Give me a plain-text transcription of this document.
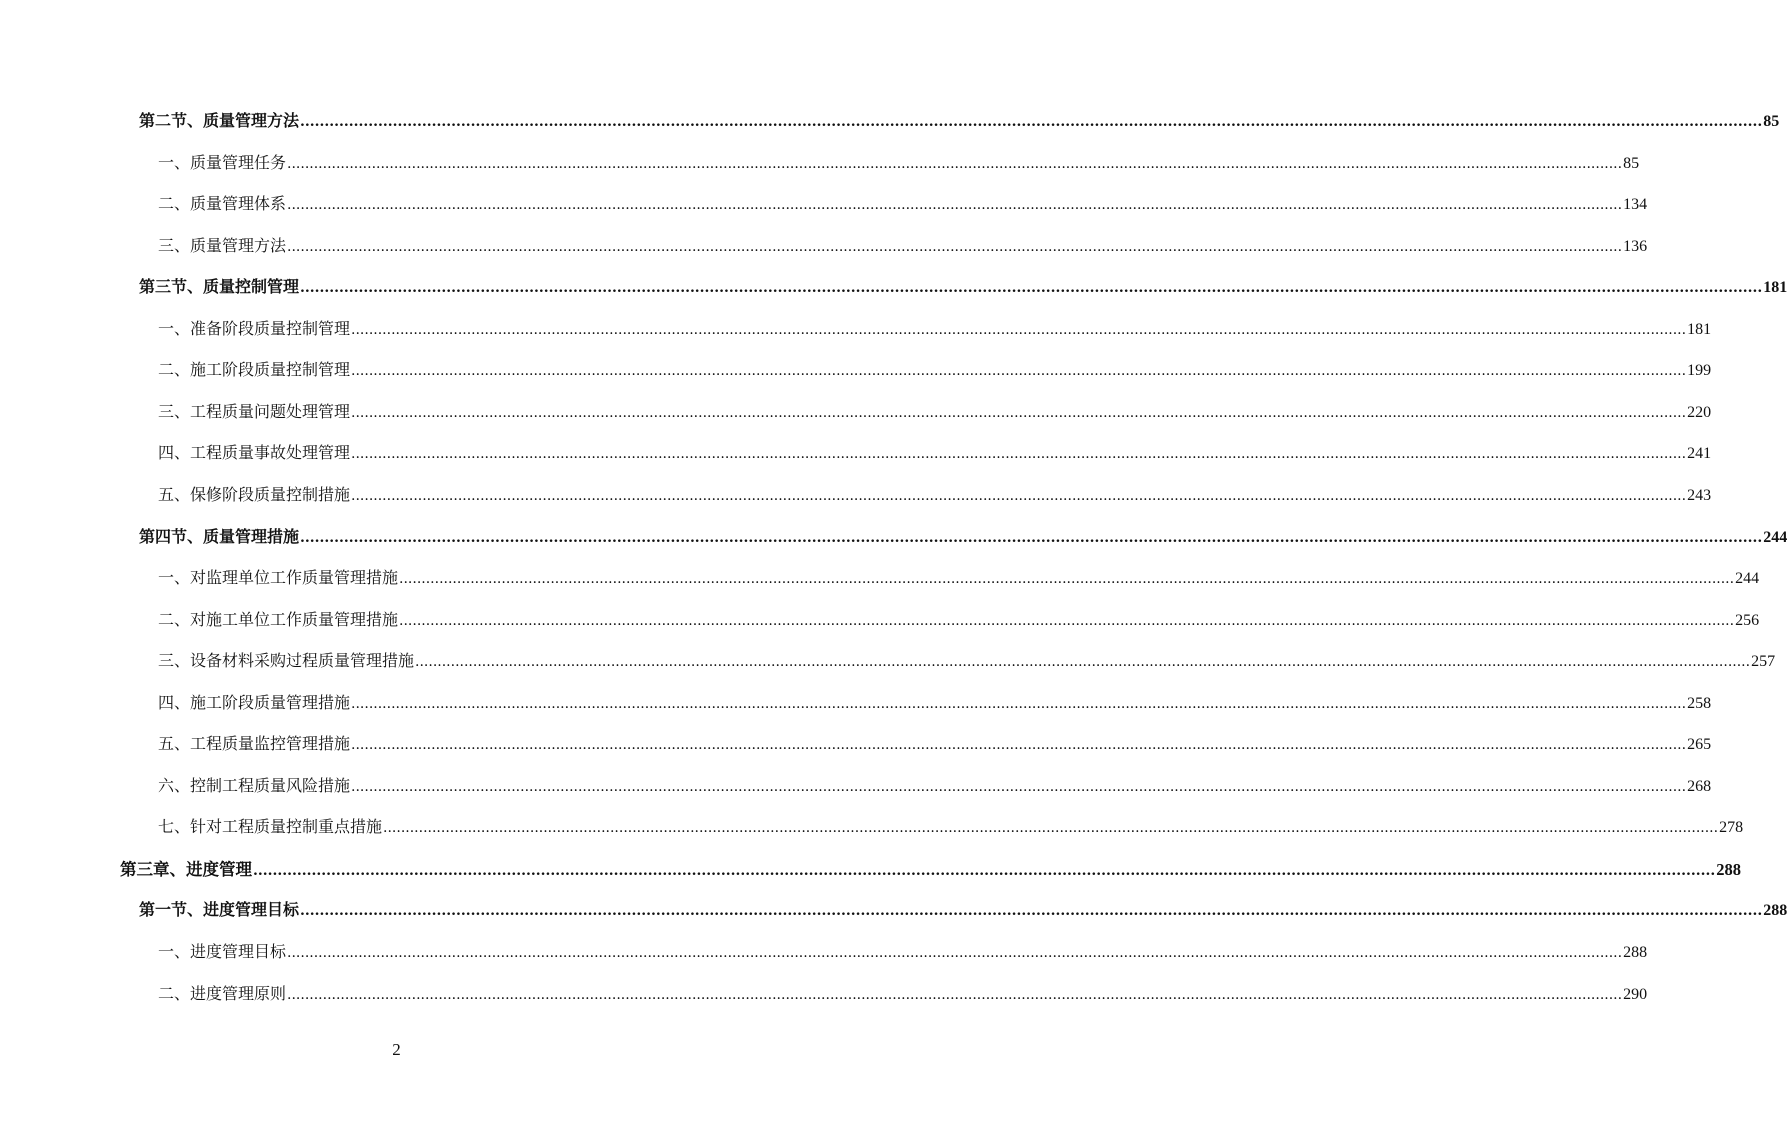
第二节、质量管理方法 ............................................................................................................................................................................................................................................................................................................ 85
一、质量管理任务 ............................................................................................................................................................................................................................................................................................................ 85
二、质量管理体系 ............................................................................................................................................................................................................................................................................................................ 134
三、质量管理方法 ............................................................................................................................................................................................................................................................................................................ 136
第三节、质量控制管理 ............................................................................................................................................................................................................................................................................................................ 181
一、准备阶段质量控制管理 ............................................................................................................................................................................................................................................................................................................ 181
二、施工阶段质量控制管理 ............................................................................................................................................................................................................................................................................................................ 199
三、工程质量问题处理管理 ............................................................................................................................................................................................................................................................................................................ 220
四、工程质量事故处理管理 ............................................................................................................................................................................................................................................................................................................ 241
五、保修阶段质量控制措施 ............................................................................................................................................................................................................................................................................................................ 243
第四节、质量管理措施 ............................................................................................................................................................................................................................................................................................................ 244
一、对监理单位工作质量管理措施 ............................................................................................................................................................................................................................................................................................................ 244
二、对施工单位工作质量管理措施 ............................................................................................................................................................................................................................................................................................................ 256
三、设备材料采购过程质量管理措施 ............................................................................................................................................................................................................................................................................................................ 257
四、施工阶段质量管理措施 ............................................................................................................................................................................................................................................................................................................ 258
五、工程质量监控管理措施 ............................................................................................................................................................................................................................................................................................................ 265
六、控制工程质量风险措施 ............................................................................................................................................................................................................................................................................................................ 268
七、针对工程质量控制重点措施 ............................................................................................................................................................................................................................................................................................................ 278
第三章、进度管理 ............................................................................................................................................................................................................................................................................................................ 288
第一节、进度管理目标 ............................................................................................................................................................................................................................................................................................................ 288
一、进度管理目标 ............................................................................................................................................................................................................................................................................................................ 288
二、进度管理原则 ............................................................................................................................................................................................................................................................................................................ 290
2
